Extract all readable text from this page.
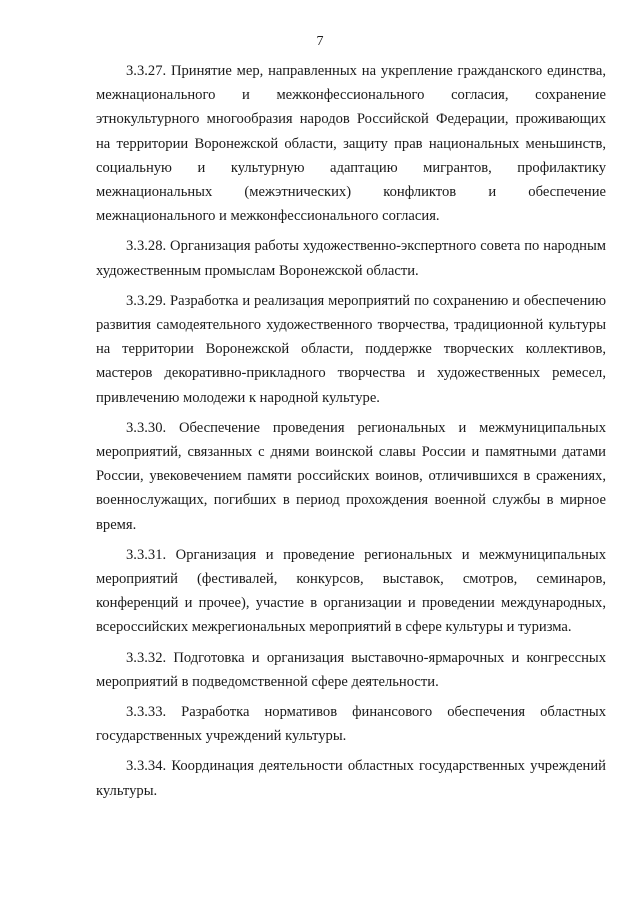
7

3.3.27. Принятие мер, направленных на укрепление гражданского единства, межнационального и межконфессионального согласия, сохранение этнокультурного многообразия народов Российской Федерации, проживающих на территории Воронежской области, защиту прав национальных меньшинств, социальную и культурную адаптацию мигрантов, профилактику межнациональных (межэтнических) конфликтов и обеспечение межнационального и межконфессионального согласия.

3.3.28. Организация работы художественно-экспертного совета по народным художественным промыслам Воронежской области.

3.3.29. Разработка и реализация мероприятий по сохранению и обеспечению развития самодеятельного художественного творчества, традиционной культуры на территории Воронежской области, поддержке творческих коллективов, мастеров декоративно-прикладного творчества и художественных ремесел, привлечению молодежи к народной культуре.

3.3.30. Обеспечение проведения региональных и межмуниципальных мероприятий, связанных с днями воинской славы России и памятными датами России, увековечением памяти российских воинов, отличившихся в сражениях, военнослужащих, погибших в период прохождения военной службы в мирное время.

3.3.31. Организация и проведение региональных и межмуниципальных мероприятий (фестивалей, конкурсов, выставок, смотров, семинаров, конференций и прочее), участие в организации и проведении международных, всероссийских межрегиональных мероприятий в сфере культуры и туризма.

3.3.32. Подготовка и организация выставочно-ярмарочных и конгрессных мероприятий в подведомственной сфере деятельности.

3.3.33. Разработка нормативов финансового обеспечения областных государственных учреждений культуры.

3.3.34. Координация деятельности областных государственных учреждений культуры.
